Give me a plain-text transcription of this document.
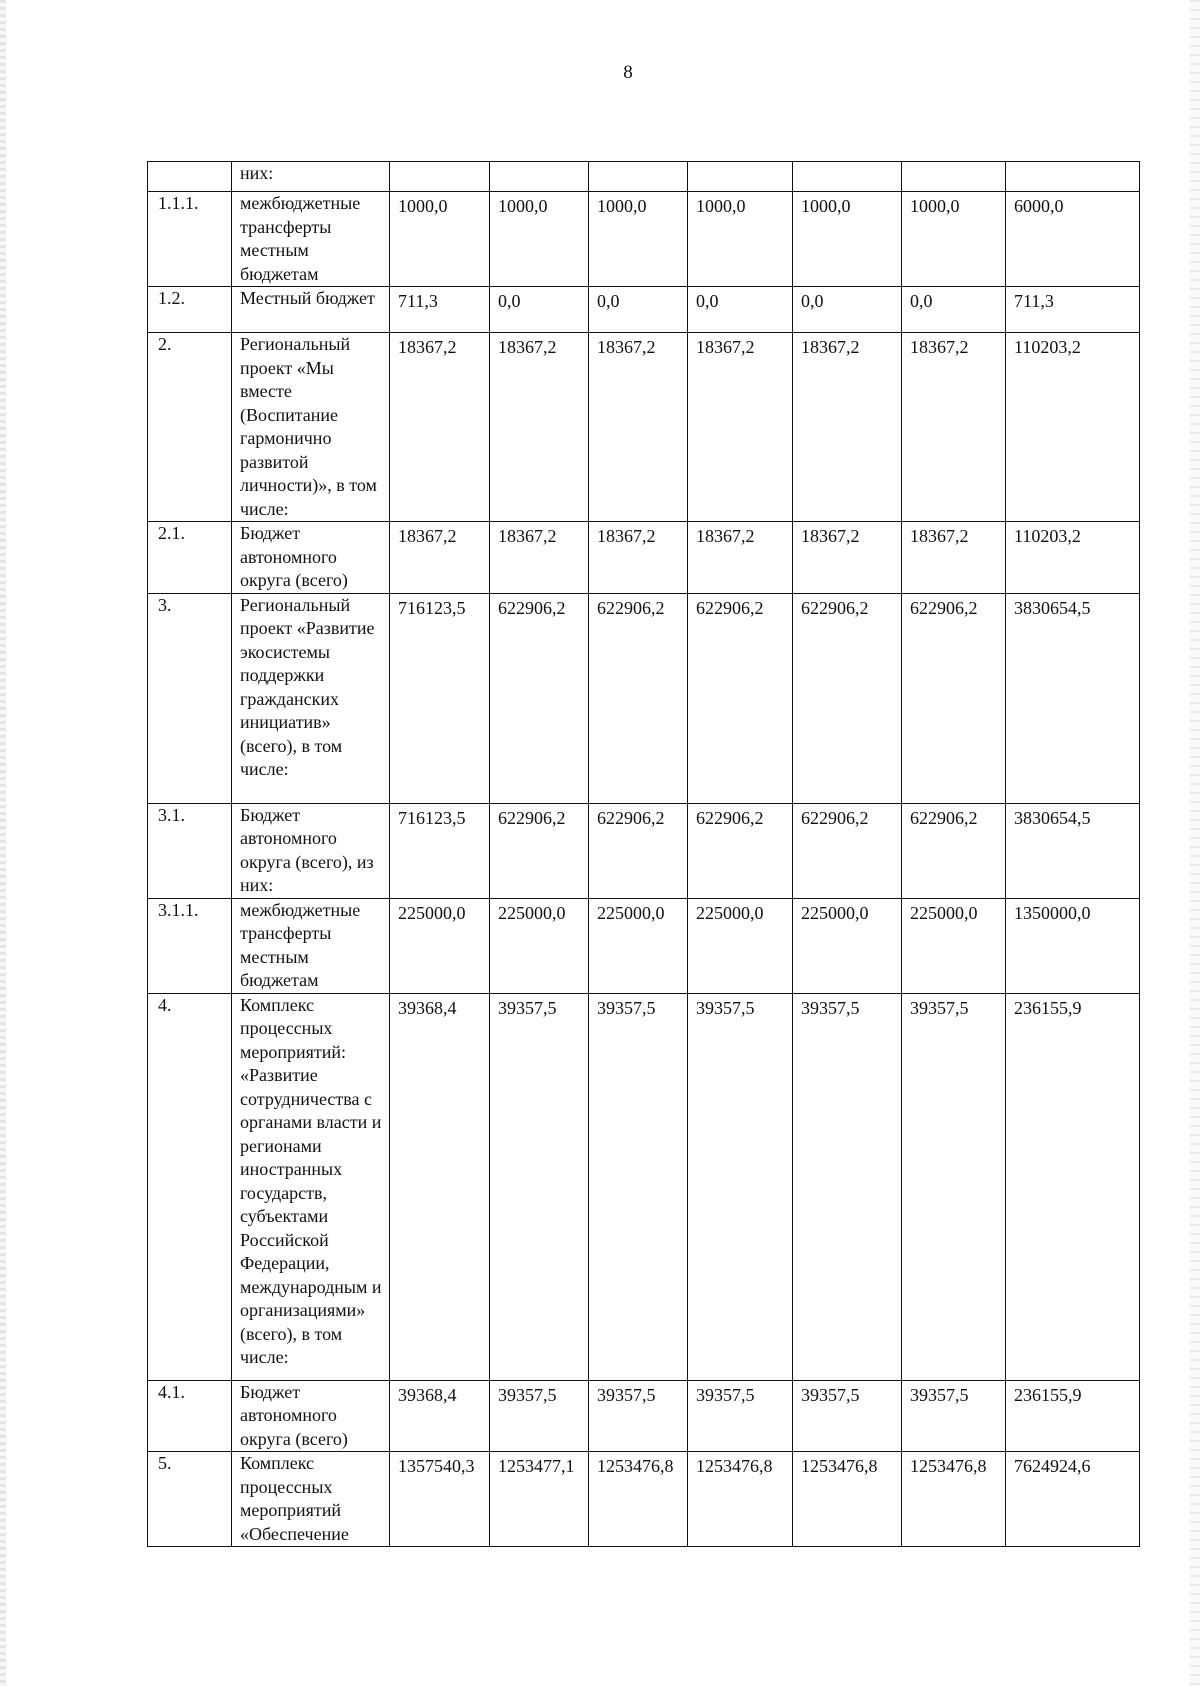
8
	них:							
1.1.1.	межбюджетные трансферты местным бюджетам	1000,0	1000,0	1000,0	1000,0	1000,0	1000,0	6000,0
1.2.	Местный бюджет	711,3	0,0	0,0	0,0	0,0	0,0	711,3
2.	Региональный проект «Мы вместе (Воспитание гармонично развитой личности)», в том числе:	18367,2	18367,2	18367,2	18367,2	18367,2	18367,2	110203,2
2.1.	Бюджет автономного округа (всего)	18367,2	18367,2	18367,2	18367,2	18367,2	18367,2	110203,2
3.	Региональный проект «Развитие экосистемы поддержки гражданских инициатив» (всего), в том числе:	716123,5	622906,2	622906,2	622906,2	622906,2	622906,2	3830654,5
3.1.	Бюджет автономного округа (всего), из них:	716123,5	622906,2	622906,2	622906,2	622906,2	622906,2	3830654,5
3.1.1.	межбюджетные трансферты местным бюджетам	225000,0	225000,0	225000,0	225000,0	225000,0	225000,0	1350000,0
4.	Комплекс процессных мероприятий: «Развитие сотрудничества с органами власти и регионами иностранных государств, субъектами Российской Федерации, международным и организациями» (всего), в том числе:	39368,4	39357,5	39357,5	39357,5	39357,5	39357,5	236155,9
4.1.	Бюджет автономного округа (всего)	39368,4	39357,5	39357,5	39357,5	39357,5	39357,5	236155,9
5.	Комплекс процессных мероприятий «Обеспечение	1357540,3	1253477,1	1253476,8	1253476,8	1253476,8	1253476,8	7624924,6
